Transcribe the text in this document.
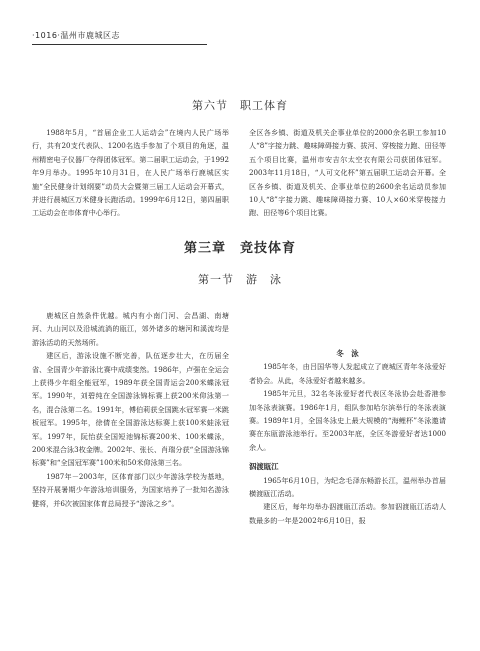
·1016·温州市鹿城区志
第六节　职工体育

1988年5月，“首届企业工人运动会”在境内人民广场举行，共有20支代表队、1200名选手参加了个项目的角逐，温州精密电子仪器厂夺得团体冠军。第二届职工运动会，于1992年9月举办。1995年10月31日，在人民广场举行鹿城区实施“全民健身计划纲要”动员大会暨第三届工人运动会开幕式，并进行晨城区万米健身长跑活动。1999年6月12日，第四届职工运动会在市体育中心举行。

全区各乡镇、街道及机关企事业单位的2000余名职工参加10人“8”字接力跳、趣味障碍接力赛、拔河、穿梭接力跑、田径等五个项目比赛，温州市安吉尔太空衣有限公司获团体冠军。2003年11月18日，“人可文化杯”第五届职工运动会开幕。全区各乡镇、街道及机关、企事业单位的2600余名运动员参加10人“8”字接力跳、趣味障碍接力赛、10人×60米穿梭接力跑、田径等6个项目比赛。

第三章　竞技体育
第一节　游　泳

鹿城区自然条件优越。城内有小南门河、会昌湖、南塘河、九山河以及沿城流淌的瓯江，郊外诸多的塘河和溪流均是游泳活动的天然场所。

建区后，游泳设施不断完善，队伍逐步壮大，在历届全省、全国青少年游泳比赛中成绩斐然。1986年，卢强在全运会上获得少年组全能冠军，1989年获全国青运会200米蝶泳冠军。1990年，刘碧纯在全国游泳锦标赛上获200米仰泳第一名，混合泳第二名。1991年，傅伯莉获全国跳水冠军赛一米跳板冠军。1995年，徐倩在全国游泳达标赛上获100米蛙泳冠军。1997年，阮怡获全国短池锦标赛200米、100米蝶泳，200米混合泳3枚金牌。2002年、张长、肖瑞分获“全国游泳锦标赛”和“全国冠军赛”100米和50米仰泳第三名。

1987年－2003年，区体育部门以少年游泳学校为基地，坚持开展暑期少年游泳培训服务，为国家培养了一批知名游泳健将，并6次被国家体育总局授予“游泳之乡”。

冬　泳

1985年冬，由吕国华等人发起成立了鹿城区青年冬泳爱好者协会。从此，冬泳爱好者越来越多。

1985年元旦，32名冬泳爱好者代表区冬泳协会赴香港参加冬泳表演赛。1986年1月，组队参加哈尔滨举行的冬泳表演赛。1989年1月，全国冬泳史上最大规模的“海鲤杯”冬泳邀请赛在东瓯游泳池举行。至2003年底，全区冬游爱好者达1000余人。

泅渡瓯江

1965年6月10日，为纪念毛泽东畅游长江，温州举办首届横渡瓯江活动。

建区后，每年均举办泅渡瓯江活动。参加泅渡瓯江活动人数最多的一年是2002年6月10日，报
